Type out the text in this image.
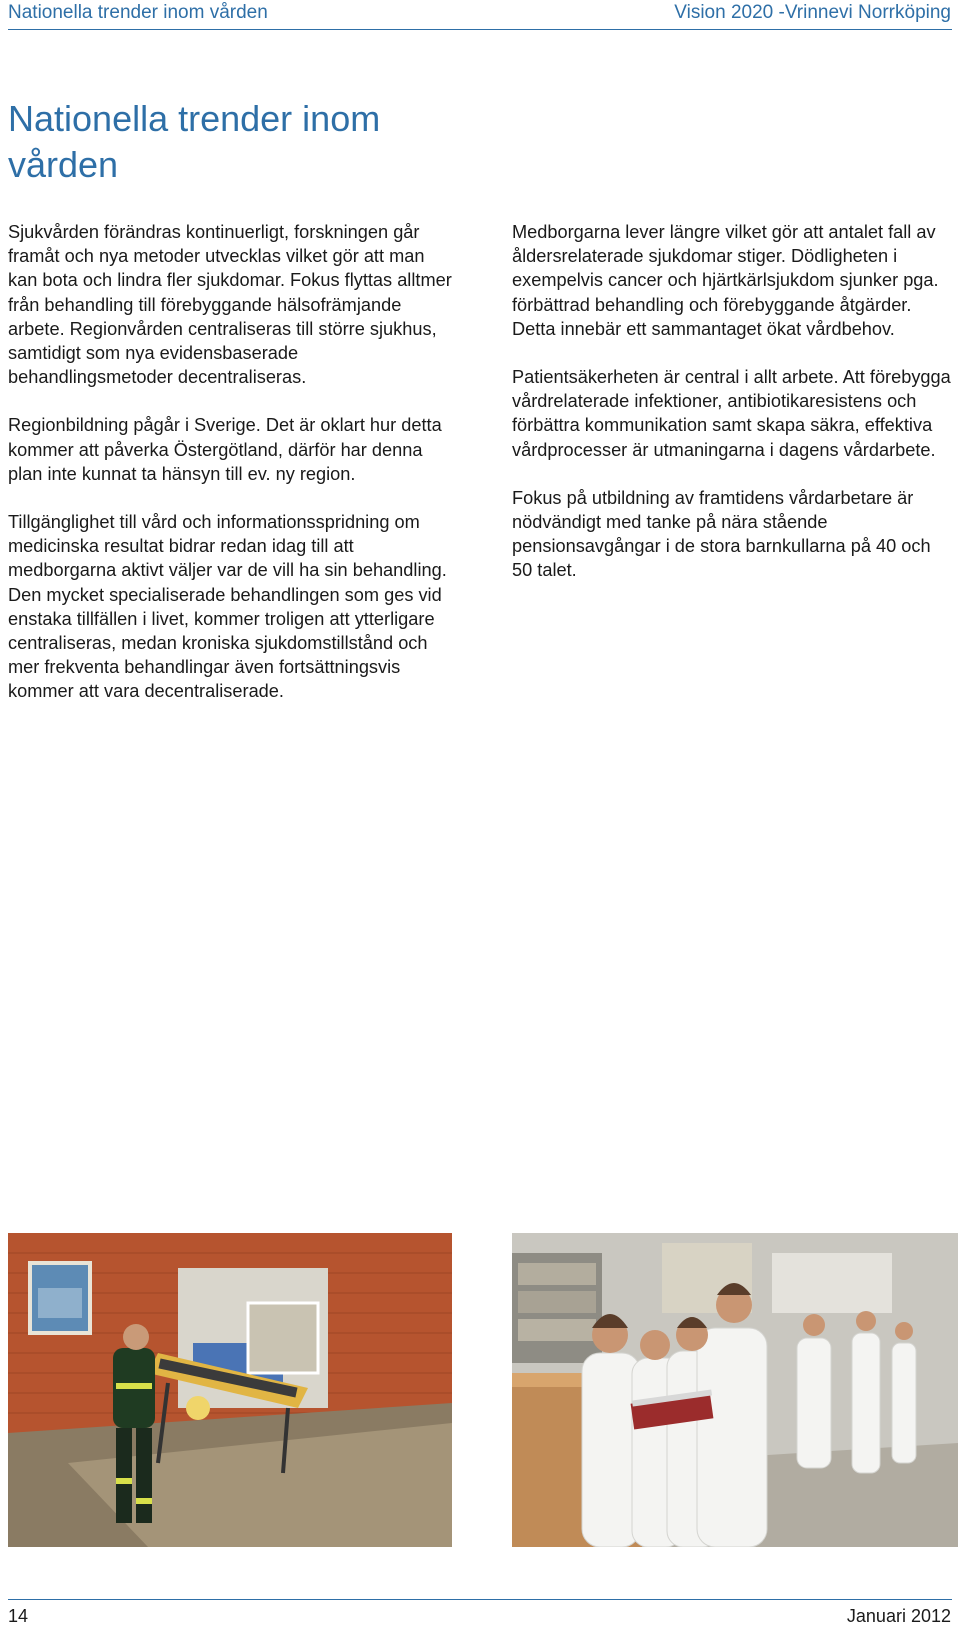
Nationella trender inom vården	Vision 2020 -Vrinnevi Norrköping
Nationella trender inom vården

Sjukvården förändras kontinuerligt, forskningen går framåt och nya metoder utvecklas vilket gör att man kan bota och lindra fler sjukdomar. Fokus flyttas alltmer från behandling till förebyggande hälsofrämjande arbete. Regionvården centraliseras till större sjukhus, samtidigt som nya evidensbaserade behandlingsmetoder decentraliseras.

Regionbildning pågår i Sverige. Det är oklart hur detta kommer att påverka Östergötland, därför har denna plan inte kunnat ta hänsyn till ev. ny region.

Tillgänglighet till vård och informationsspridning om medicinska resultat bidrar redan idag till att medborgarna aktivt väljer var de vill ha sin behandling. Den mycket specialiserade behandlingen som ges vid enstaka tillfällen i livet, kommer troligen att ytterligare centraliseras, medan kroniska sjukdomstillstånd och mer frekventa behandlingar även fortsättningsvis kommer att vara decentraliserade.

Medborgarna lever längre vilket gör att antalet fall av åldersrelaterade sjukdomar stiger. Dödligheten i exempelvis cancer och hjärtkärlsjukdom sjunker pga. förbättrad behandling och förebyggande åtgärder. Detta innebär ett sammantaget ökat vårdbehov.

Patientsäkerheten är central i allt arbete. Att förebygga vårdrelaterade infektioner, antibiotikaresistens och förbättra kommunikation samt skapa säkra, effektiva vårdprocesser är utmaningarna i dagens vårdarbete.

Fokus på utbildning av framtidens vårdarbetare är nödvändigt med tanke på nära stående pensionsavgångar i de stora barnkullarna på 40 och 50 talet.

14	Januari 2012
